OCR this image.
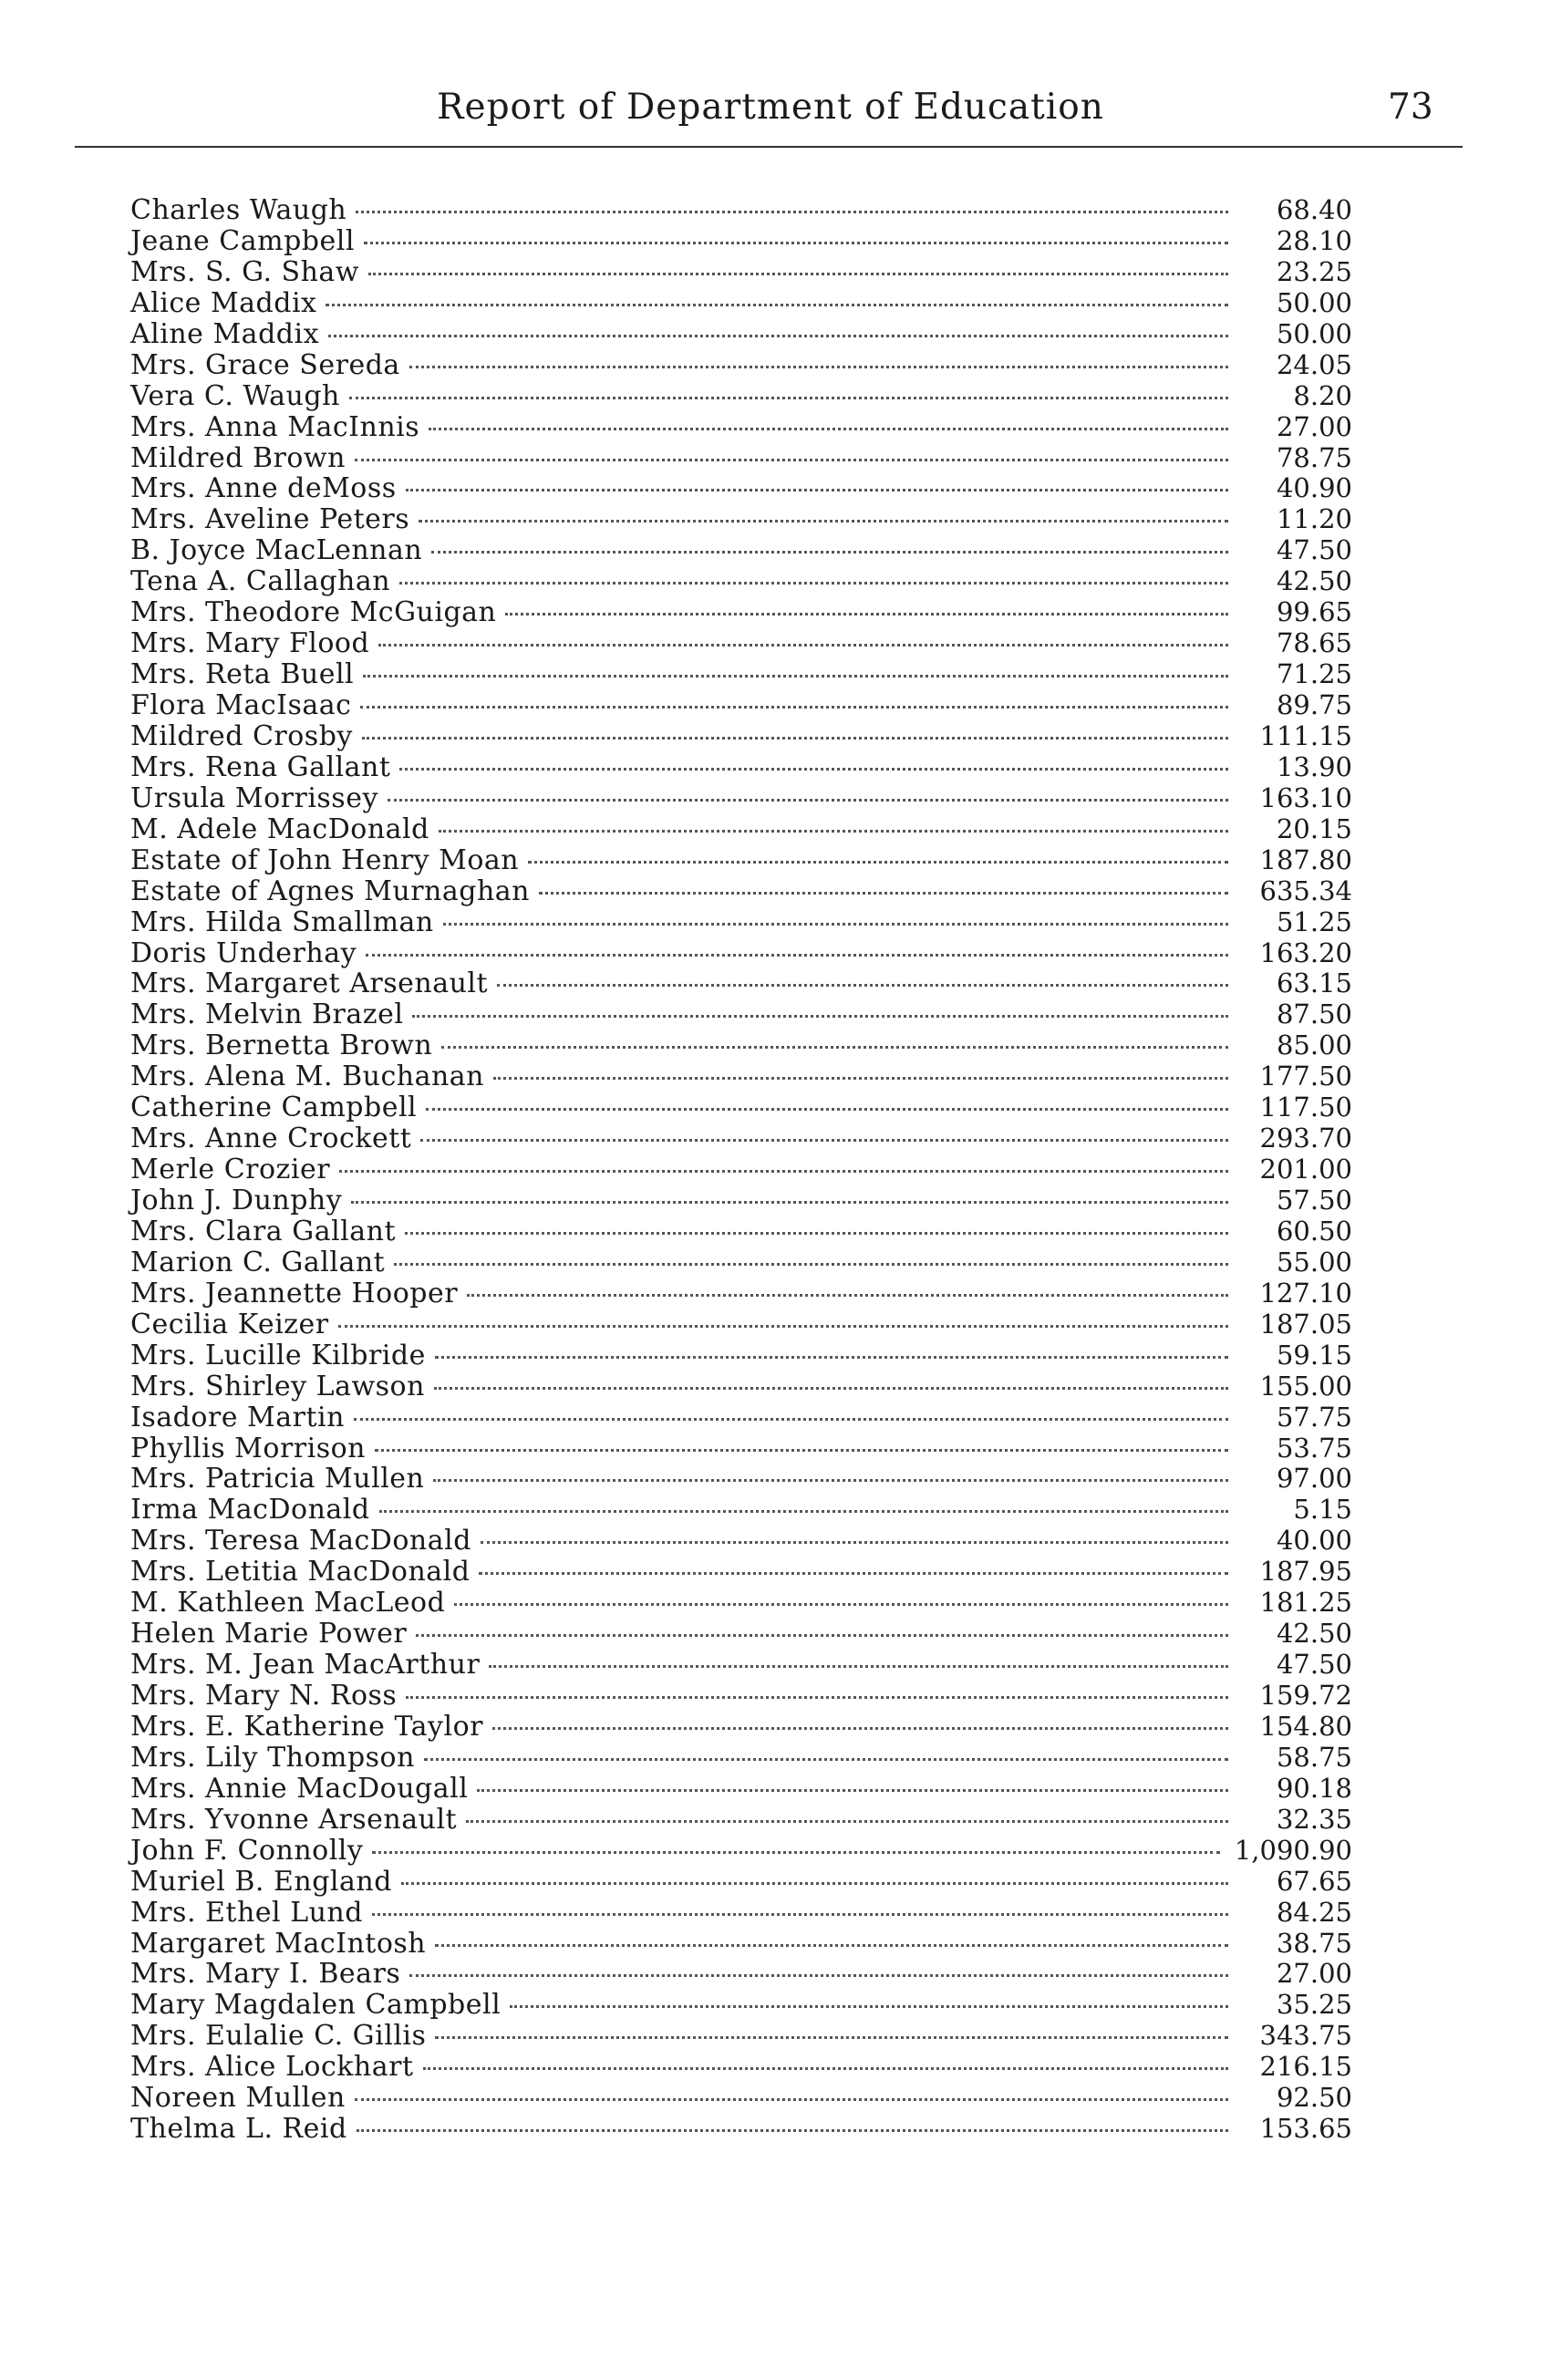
Report of Department of Education	73
Charles Waugh	68.40
Jeane Campbell	28.10
Mrs. S. G. Shaw	23.25
Alice Maddix	50.00
Aline Maddix	50.00
Mrs. Grace Sereda	24.05
Vera C. Waugh	8.20
Mrs. Anna MacInnis	27.00
Mildred Brown	78.75
Mrs. Anne deMoss	40.90
Mrs. Aveline Peters	11.20
B. Joyce MacLennan	47.50
Tena A. Callaghan	42.50
Mrs. Theodore McGuigan	99.65
Mrs. Mary Flood	78.65
Mrs. Reta Buell	71.25
Flora MacIsaac	89.75
Mildred Crosby	111.15
Mrs. Rena Gallant	13.90
Ursula Morrissey	163.10
M. Adele MacDonald	20.15
Estate of John Henry Moan	187.80
Estate of Agnes Murnaghan	635.34
Mrs. Hilda Smallman	51.25
Doris Underhay	163.20
Mrs. Margaret Arsenault	63.15
Mrs. Melvin Brazel	87.50
Mrs. Bernetta Brown	85.00
Mrs. Alena M. Buchanan	177.50
Catherine Campbell	117.50
Mrs. Anne Crockett	293.70
Merle Crozier	201.00
John J. Dunphy	57.50
Mrs. Clara Gallant	60.50
Marion C. Gallant	55.00
Mrs. Jeannette Hooper	127.10
Cecilia Keizer	187.05
Mrs. Lucille Kilbride	59.15
Mrs. Shirley Lawson	155.00
Isadore Martin	57.75
Phyllis Morrison	53.75
Mrs. Patricia Mullen	97.00
Irma MacDonald	5.15
Mrs. Teresa MacDonald	40.00
Mrs. Letitia MacDonald	187.95
M. Kathleen MacLeod	181.25
Helen Marie Power	42.50
Mrs. M. Jean MacArthur	47.50
Mrs. Mary N. Ross	159.72
Mrs. E. Katherine Taylor	154.80
Mrs. Lily Thompson	58.75
Mrs. Annie MacDougall	90.18
Mrs. Yvonne Arsenault	32.35
John F. Connolly	1,090.90
Muriel B. England	67.65
Mrs. Ethel Lund	84.25
Margaret MacIntosh	38.75
Mrs. Mary I. Bears	27.00
Mary Magdalen Campbell	35.25
Mrs. Eulalie C. Gillis	343.75
Mrs. Alice Lockhart	216.15
Noreen Mullen	92.50
Thelma L. Reid	153.65
